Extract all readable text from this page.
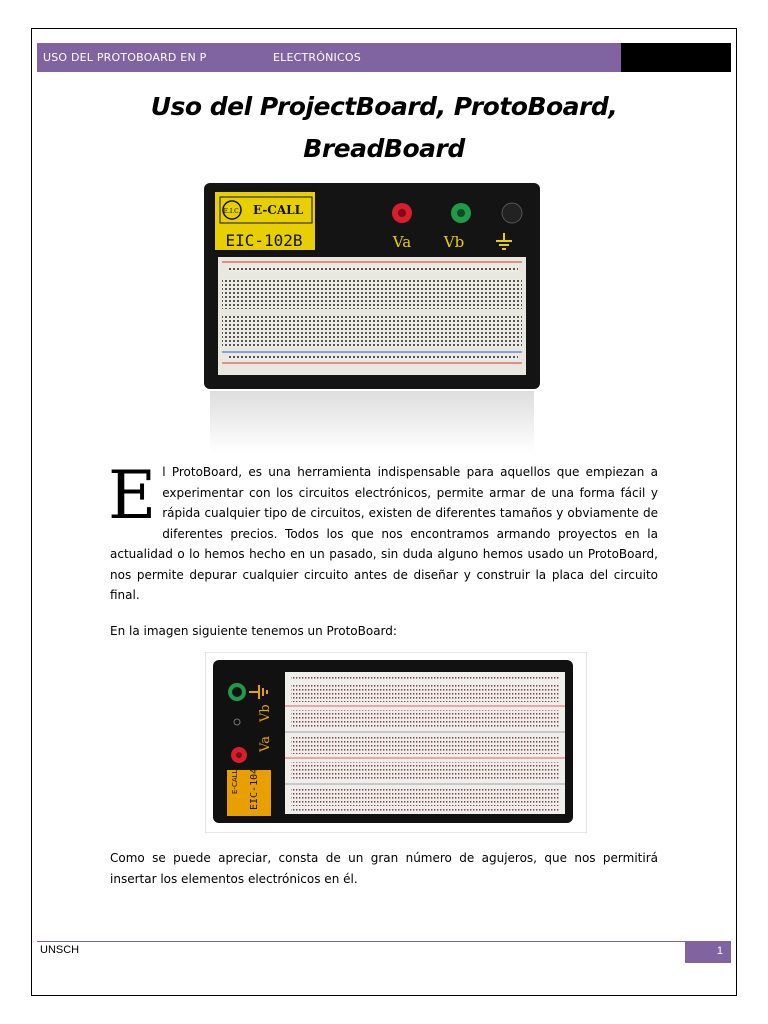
USO DEL PROTOBOARD EN P	ELECTRÓNICOS
Uso del ProjectBoard, ProtoBoard,
BreadBoard
E.I.C. E-CALL
EIC-102B	Va Vb
E l ProtoBoard, es una herramienta indispensable para aquellos que empiezan a experimentar con los circuitos electrónicos, permite armar de una forma fácil y rápida cualquier tipo de circuitos, existen de diferentes tamaños y obviamente de diferentes precios. Todos los que nos encontramos armando proyectos en la actualidad o lo hemos hecho en un pasado, sin duda alguno hemos usado un ProtoBoard, nos permite depurar cualquier circuito antes de diseñar y construir la placa del circuito final.
En la imagen siguiente tenemos un ProtoBoard:
Vb
Va
E-CALL EIC-104
Como se puede apreciar, consta de un gran número de agujeros, que nos permitirá insertar los elementos electrónicos en él.
UNSCH	1
